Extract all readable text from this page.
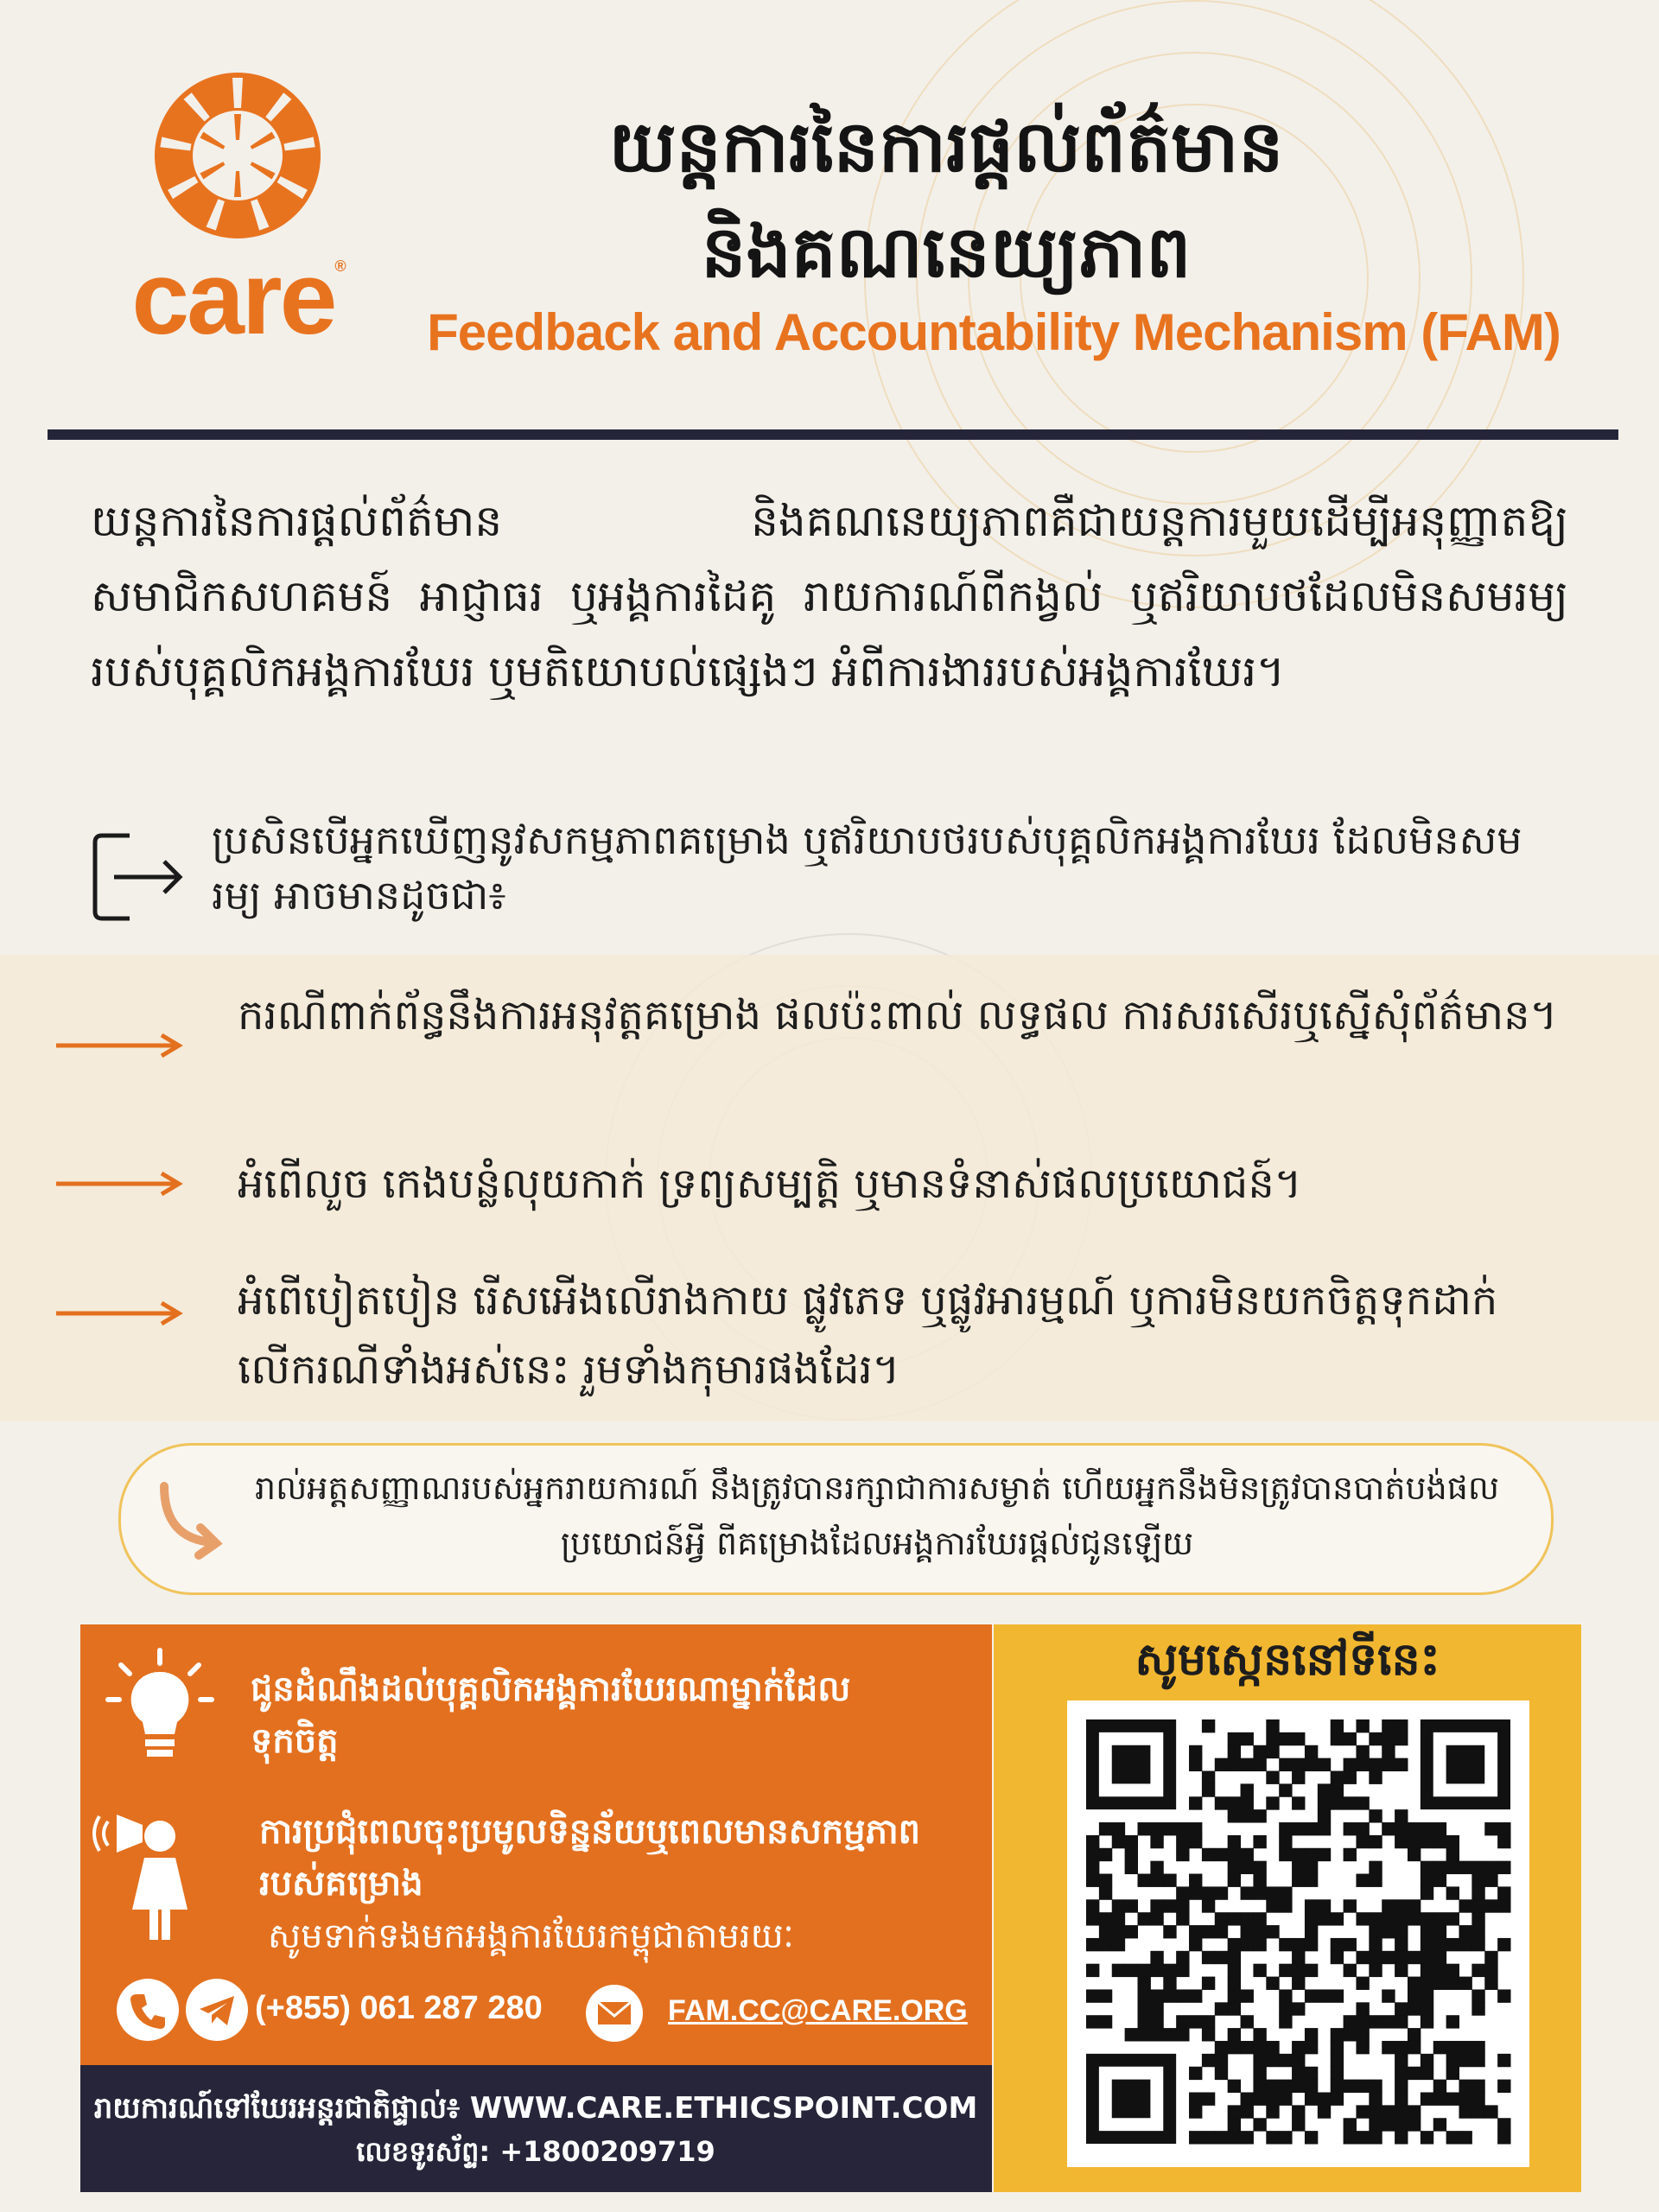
care®
យន្តការនៃការផ្តល់ព័ត៌មាន
និងគណនេយ្យភាព
Feedback and Accountability Mechanism (FAM)
យន្តការនៃការផ្តល់ព័ត៌មាន និងគណនេយ្យភាពគឺជាយន្តការមួយដើម្បីអនុញ្ញាតឱ្យសមាជិកសហគមន៍ អាជ្ញាធរ ឬអង្គការដៃគូ រាយការណ៍ពីកង្វល់ ឬឥរិយាបថដែលមិនសមរម្យរបស់បុគ្គលិកអង្គការឃែរ ឬមតិយោបល់ផ្សេងៗ អំពីការងាររបស់អង្គការឃែរ។
ប្រសិនបើអ្នកឃើញនូវសកម្មភាពគម្រោង ឬឥរិយាបថរបស់បុគ្គលិកអង្គការឃែរ ដែលមិនសមរម្យ អាចមានដូចជា៖
ករណីពាក់ព័ន្ធនឹងការអនុវត្តគម្រោង ផលប៉ះពាល់ លទ្ធផល ការសរសើរឬស្នើសុំព័ត៌មាន។
អំពើលួច កេងបន្លំលុយកាក់ ទ្រព្យសម្បត្តិ ឬមានទំនាស់ផលប្រយោជន៍។
អំពើបៀតបៀន រើសអើងលើរាងកាយ ផ្លូវភេទ ឬផ្លូវអារម្មណ៍ ឬការមិនយកចិត្តទុកដាក់លើករណីទាំងអស់នេះ រួមទាំងកុមារផងដែរ។
រាល់អត្តសញ្ញាណរបស់អ្នករាយការណ៍ នឹងត្រូវបានរក្សាជាការសម្ងាត់ ហើយអ្នកនឹងមិនត្រូវបានបាត់បង់ផលប្រយោជន៍អ្វី ពីគម្រោងដែលអង្គការឃែរផ្តល់ជូនឡើយ
ជូនដំណឹងដល់បុគ្គលិកអង្គការឃែរណាម្នាក់ដែលទុកចិត្ត
ការប្រជុំពេលចុះប្រមូលទិន្នន័យឬពេលមានសកម្មភាពរបស់គម្រោង
សូមទាក់ទងមកអង្គការឃែរកម្ពុជាតាមរយៈ
(+855) 061 287 280	FAM.CC@CARE.ORG
រាយការណ៍ទៅឃែរអន្តរជាតិផ្ទាល់៖ WWW.CARE.ETHICSPOINT.COM
លេខទូរស័ព្ទ: +1800209719
សូមស្កេននៅទីនេះ
